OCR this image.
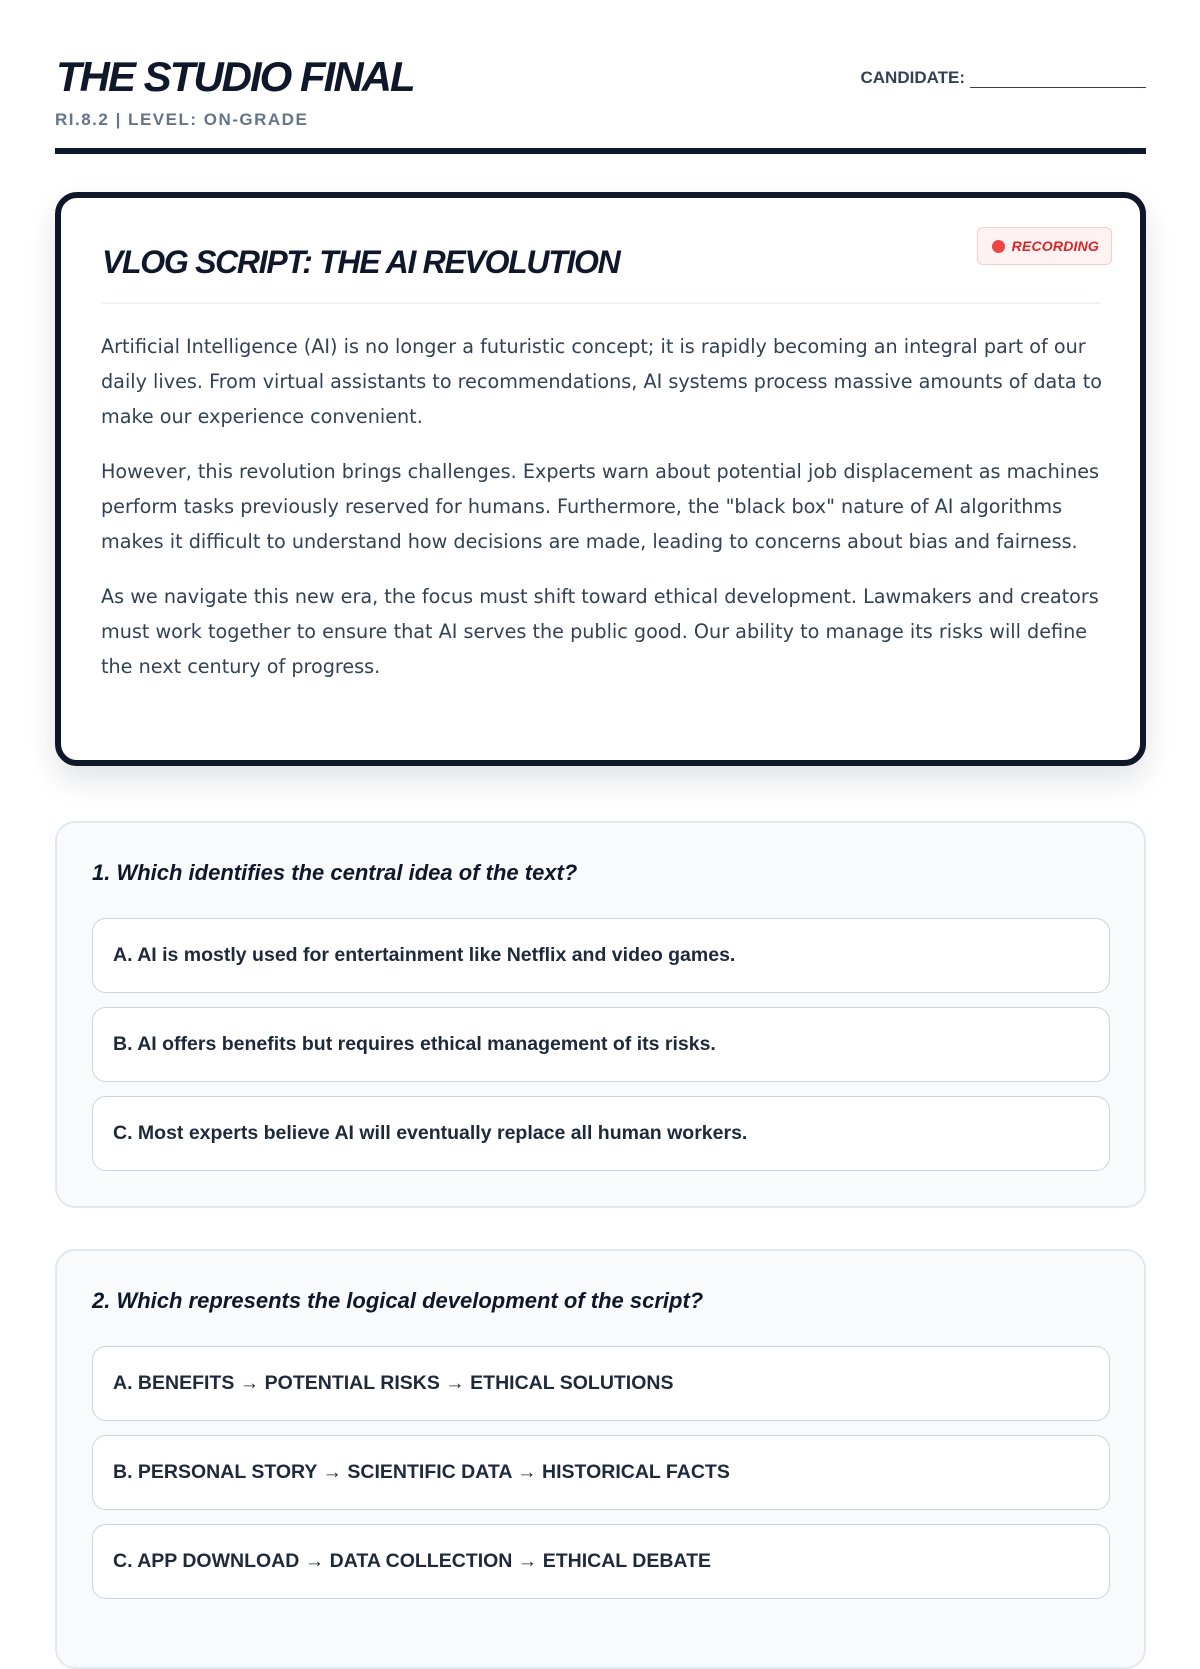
THE STUDIO FINAL
RI.8.2 | LEVEL: ON-GRADE
CANDIDATE:
RECORDING
VLOG SCRIPT: THE AI REVOLUTION

Artificial Intelligence (AI) is no longer a futuristic concept; it is rapidly becoming an integral part of our daily lives. From virtual assistants to recommendations, AI systems process massive amounts of data to make our experience convenient.

However, this revolution brings challenges. Experts warn about potential job displacement as machines perform tasks previously reserved for humans. Furthermore, the "black box" nature of AI algorithms makes it difficult to understand how decisions are made, leading to concerns about bias and fairness.

As we navigate this new era, the focus must shift toward ethical development. Lawmakers and creators must work together to ensure that AI serves the public good. Our ability to manage its risks will define the next century of progress.

1. Which identifies the central idea of the text?
A. AI is mostly used for entertainment like Netflix and video games.
B. AI offers benefits but requires ethical management of its risks.
C. Most experts believe AI will eventually replace all human workers.
2. Which represents the logical development of the script?
A. BENEFITS → POTENTIAL RISKS → ETHICAL SOLUTIONS
B. PERSONAL STORY → SCIENTIFIC DATA → HISTORICAL FACTS
C. APP DOWNLOAD → DATA COLLECTION → ETHICAL DEBATE
